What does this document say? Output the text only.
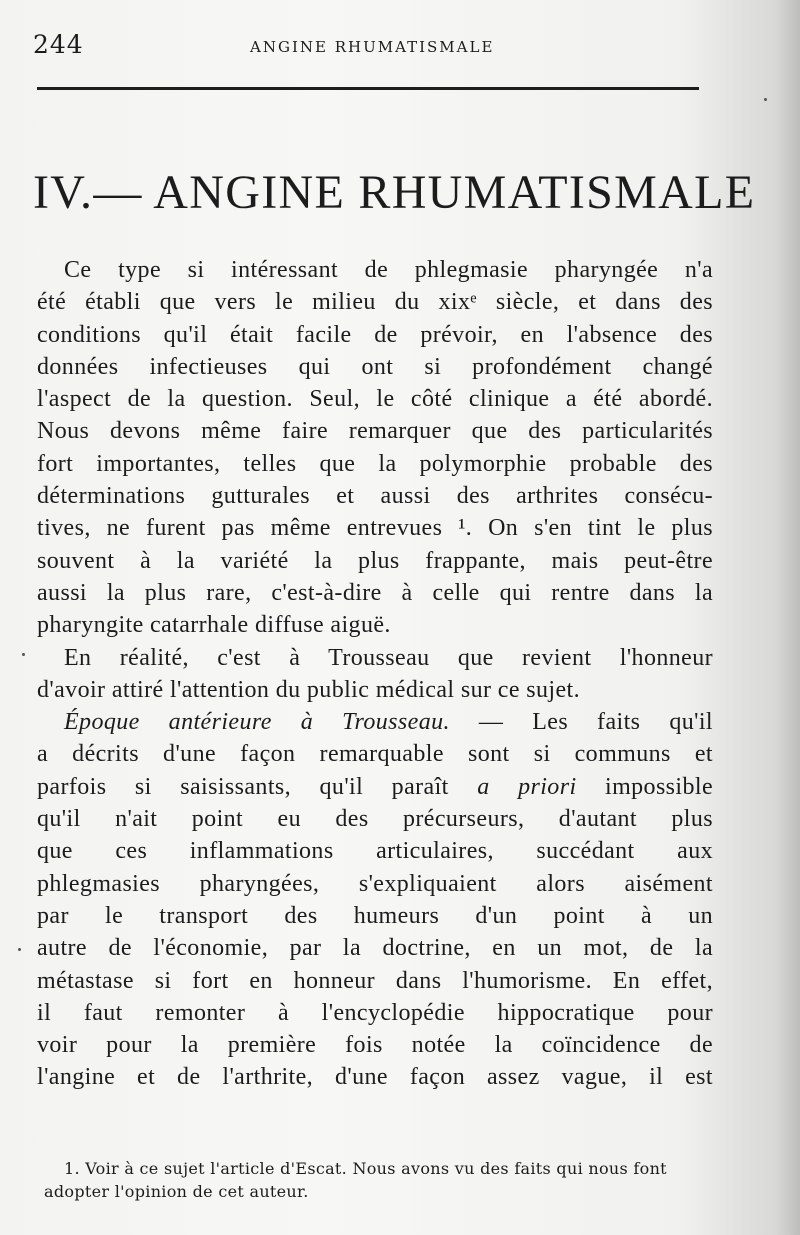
244	ANGINE RHUMATISMALE
IV.— ANGINE RHUMATISMALE
Ce type si intéressant de phlegmasie pharyngée n'a
été établi que vers le milieu du xixᵉ siècle, et dans des
conditions qu'il était facile de prévoir, en l'absence des
données infectieuses qui ont si profondément changé
l'aspect de la question. Seul, le côté clinique a été abordé.
Nous devons même faire remarquer que des particularités
fort importantes, telles que la polymorphie probable des
déterminations gutturales et aussi des arthrites consécu-
tives, ne furent pas même entrevues ¹. On s'en tint le plus
souvent à la variété la plus frappante, mais peut-être
aussi la plus rare, c'est-à-dire à celle qui rentre dans la
pharyngite catarrhale diffuse aiguë.
En réalité, c'est à Trousseau que revient l'honneur
d'avoir attiré l'attention du public médical sur ce sujet.
Époque antérieure à Trousseau. — Les faits qu'il
a décrits d'une façon remarquable sont si communs et
parfois si saisissants, qu'il paraît a priori impossible
qu'il n'ait point eu des précurseurs, d'autant plus
que ces inflammations articulaires, succédant aux
phlegmasies pharyngées, s'expliquaient alors aisément
par le transport des humeurs d'un point à un
autre de l'économie, par la doctrine, en un mot, de la
métastase si fort en honneur dans l'humorisme. En effet,
il faut remonter à l'encyclopédie hippocratique pour
voir pour la première fois notée la coïncidence de
l'angine et de l'arthrite, d'une façon assez vague, il est
1. Voir à ce sujet l'article d'Escat. Nous avons vu des faits qui nous font
adopter l'opinion de cet auteur.
